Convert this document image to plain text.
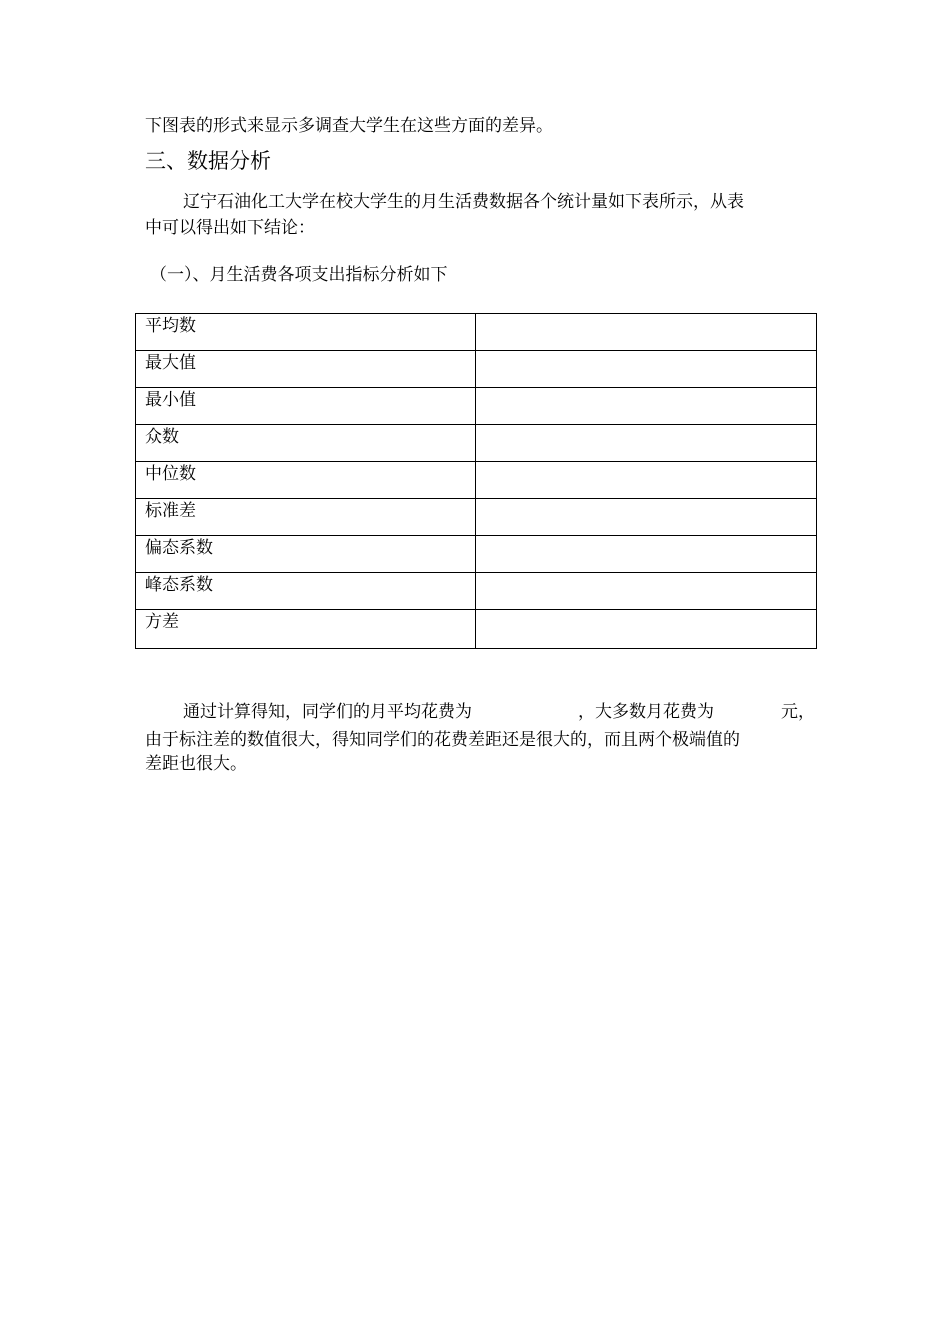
下图表的形式来显示多调查大学生在这些方面的差异。
三、数据分析
辽宁石油化工大学在校大学生的月生活费数据各个统计量如下表所示，从表
中可以得出如下结论：
（一）、月生活费各项支出指标分析如下
平均数	
最大值	
最小值	
众数	
中位数	
标准差	
偏态系数	
峰态系数	
方差	
通过计算得知，同学们的月平均花费为	，大多数月花费为	元，
由于标注差的数值很大，得知同学们的花费差距还是很大的，而且两个极端值的
差距也很大。
